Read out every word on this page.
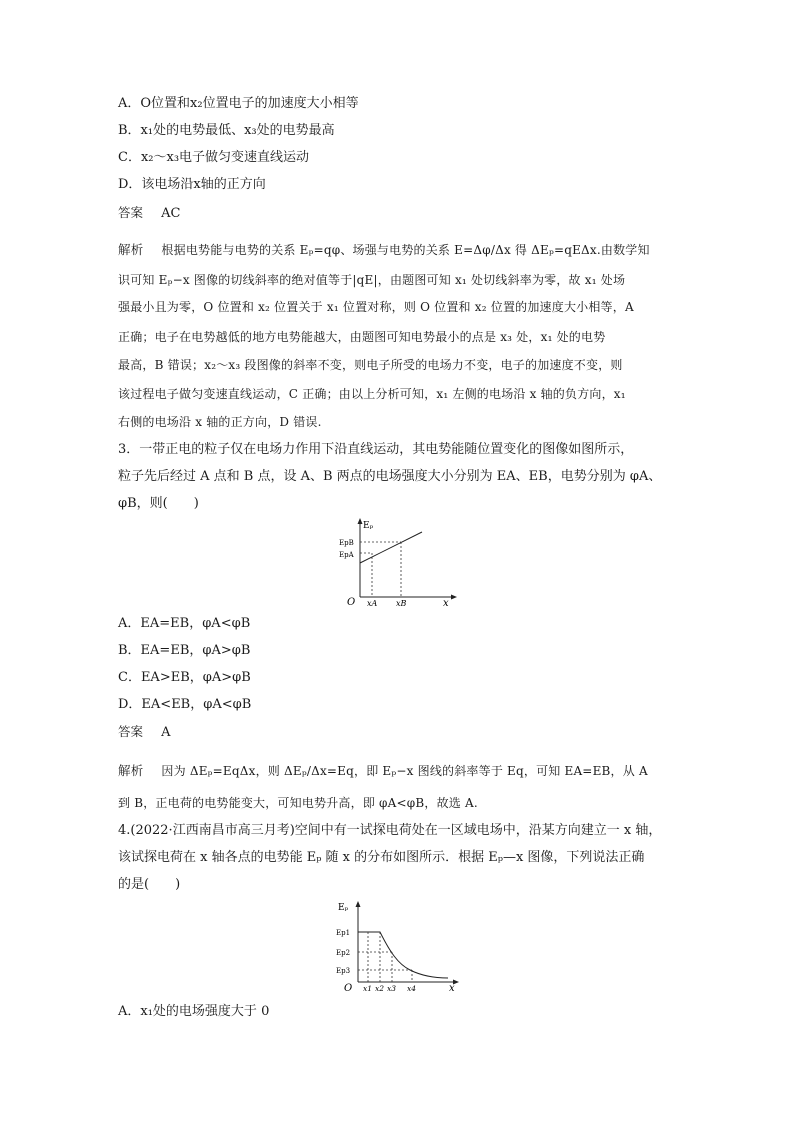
A．O位置和x₂位置电子的加速度大小相等
B．x₁处的电势最低、x₃处的电势最高
C．x₂～x₃电子做匀变速直线运动
D．该电场沿x轴的正方向
答案 AC
解析 根据电势能与电势的关系 Eₚ=qφ、场强与电势的关系 E=Δφ/Δx 得 ΔEₚ=qEΔx.由数学知
识可知 Eₚ−x 图像的切线斜率的绝对值等于|qE|，由题图可知 x₁ 处切线斜率为零，故 x₁ 处场
强最小且为零，O 位置和 x₂ 位置关于 x₁ 位置对称，则 O 位置和 x₂ 位置的加速度大小相等，A
正确；电子在电势越低的地方电势能越大，由题图可知电势最小的点是 x₃ 处，x₁ 处的电势
最高，B 错误；x₂～x₃ 段图像的斜率不变，则电子所受的电场力不变，电子的加速度不变，则
该过程电子做匀变速直线运动，C 正确；由以上分析可知，x₁ 左侧的电场沿 x 轴的负方向，x₁
右侧的电场沿 x 轴的正方向，D 错误.
3．一带正电的粒子仅在电场力作用下沿直线运动，其电势能随位置变化的图像如图所示，
粒子先后经过 A 点和 B 点，设 A、B 两点的电场强度大小分别为 EA、EB，电势分别为 φA、
φB，则(　　)
Eₚ
EpB
EpA
O xA xB	x
A．EA=EB，φA<φB
B．EA=EB，φA>φB
C．EA>EB，φA>φB
D．EA<EB，φA<φB
答案 A
解析 因为 ΔEₚ=EqΔx，则 ΔEₚ/Δx=Eq，即 Eₚ−x 图线的斜率等于 Eq，可知 EA=EB，从 A
到 B，正电荷的电势能变大，可知电势升高，即 φA<φB，故选 A.
4.(2022·江西南昌市高三月考)空间中有一试探电荷处在一区域电场中，沿某方向建立一 x 轴，
该试探电荷在 x 轴各点的电势能 Eₚ 随 x 的分布如图所示．根据 Eₚ—x 图像，下列说法正确
的是(　　)
Eₚ
Ep1
Ep2
Ep3
O x1 x2 x3 x4	x
A．x₁处的电场强度大于 0
